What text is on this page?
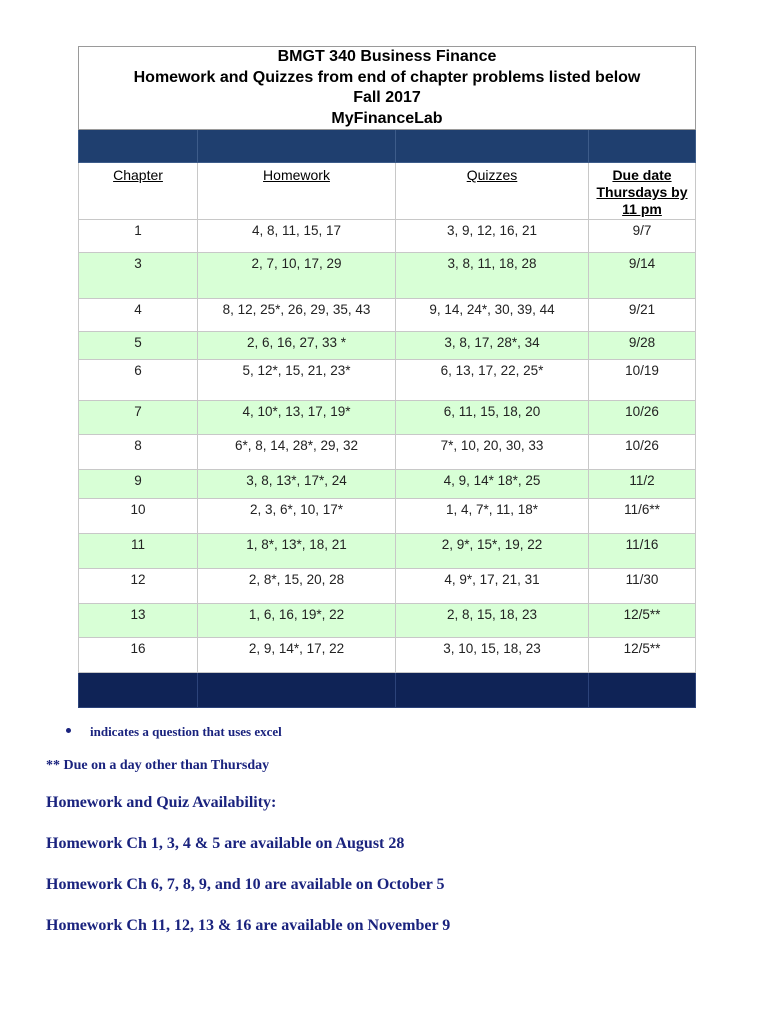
BMGT 340 Business Finance
Homework and Quizzes from end of chapter problems listed below
Fall 2017
MyFinanceLab			

Chapter	Homework	Quizzes	Due date Thursdays by 11 pm
1	4, 8, 11, 15, 17	3, 9, 12, 16, 21	9/7
3	2, 7, 10, 17, 29	3, 8, 11, 18, 28	9/14
4	8, 12, 25*, 26, 29, 35, 43	9, 14, 24*, 30, 39, 44	9/21
5	2, 6, 16, 27, 33 *	3, 8, 17, 28*, 34	9/28
6	5, 12*, 15, 21, 23*	6, 13, 17, 22, 25*	10/19
7	4, 10*, 13, 17, 19*	6, 11, 15, 18, 20	10/26
8	6*, 8, 14, 28*, 29, 32	7*, 10, 20, 30, 33	10/26
9	3, 8, 13*, 17*, 24	4, 9, 14* 18*, 25	11/2
10	2, 3, 6*, 10, 17*	1, 4, 7*, 11, 18*	11/6**
11	1, 8*, 13*, 18, 21	2, 9*, 15*, 19, 22	11/16
12	2, 8*, 15, 20, 28	4, 9*, 17, 21, 31	11/30
13	1, 6, 16, 19*, 22	2, 8, 15, 18, 23	12/5**
16	2, 9, 14*, 17, 22	3, 10, 15, 18, 23	12/5**

indicates a question that uses excel
** Due on a day other than Thursday
Homework and Quiz Availability:
Homework Ch 1, 3, 4 & 5 are available on August 28
Homework Ch 6, 7, 8, 9, and 10 are available on October 5
Homework Ch 11, 12, 13 & 16 are available on November 9
